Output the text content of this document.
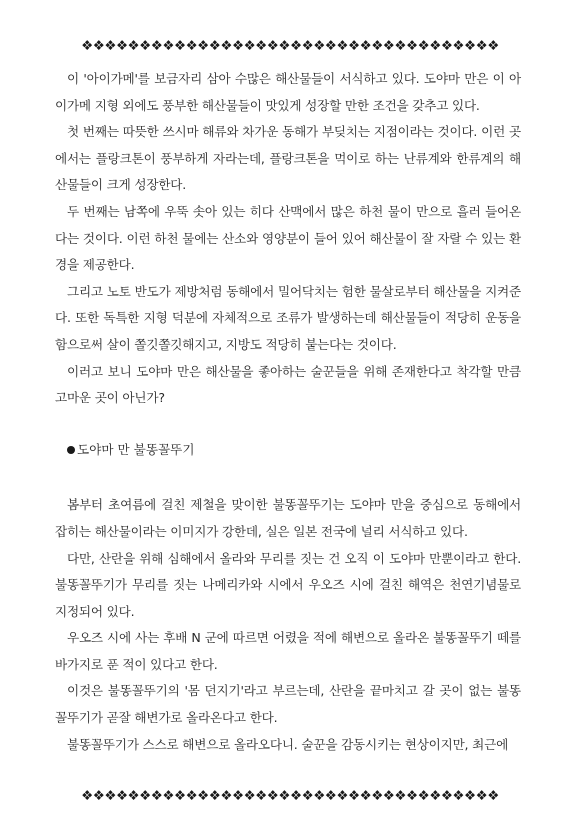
❖❖❖❖❖❖❖❖❖❖❖❖❖❖❖❖❖❖❖❖❖❖❖❖❖❖❖❖❖❖❖❖❖❖❖❖

이 '아이가메'를 보금자리 삼아 수많은 해산물들이 서식하고 있다. 도야마 만은 이 아이가메 지형 외에도 풍부한 해산물들이 맛있게 성장할 만한 조건을 갖추고 있다.

첫 번째는 따뜻한 쓰시마 해류와 차가운 동해가 부딪치는 지점이라는 것이다. 이런 곳에서는 플랑크톤이 풍부하게 자라는데, 플랑크톤을 먹이로 하는 난류계와 한류계의 해산물들이 크게 성장한다.

두 번째는 남쪽에 우뚝 솟아 있는 히다 산맥에서 많은 하천 물이 만으로 흘러 들어온다는 것이다. 이런 하천 물에는 산소와 영양분이 들어 있어 해산물이 잘 자랄 수 있는 환경을 제공한다.

그리고 노토 반도가 제방처럼 동해에서 밀어닥치는 험한 물살로부터 해산물을 지켜준다. 또한 독특한 지형 덕분에 자체적으로 조류가 발생하는데 해산물들이 적당히 운동을 함으로써 살이 쫄깃쫄깃해지고, 지방도 적당히 붙는다는 것이다.

이러고 보니 도야마 만은 해산물을 좋아하는 술꾼들을 위해 존재한다고 착각할 만큼 고마운 곳이 아닌가?

도야마 만 불똥꼴뚜기

봄부터 초여름에 걸친 제철을 맞이한 불똥꼴뚜기는 도야마 만을 중심으로 동해에서 잡히는 해산물이라는 이미지가 강한데, 실은 일본 전국에 널리 서식하고 있다.

다만, 산란을 위해 심해에서 올라와 무리를 짓는 건 오직 이 도야마 만뿐이라고 한다. 불똥꼴뚜기가 무리를 짓는 나메리카와 시에서 우오즈 시에 걸친 해역은 천연기념물로 지정되어 있다.

우오즈 시에 사는 후배 N 군에 따르면 어렸을 적에 해변으로 올라온 불똥꼴뚜기 떼를 바가지로 푼 적이 있다고 한다.

이것은 불똥꼴뚜기의 '몸 던지기'라고 부르는데, 산란을 끝마치고 갈 곳이 없는 불똥꼴뚜기가 곧잘 해변가로 올라온다고 한다.

불똥꼴뚜기가 스스로 해변으로 올라오다니. 술꾼을 감동시키는 현상이지만, 최근에

❖❖❖❖❖❖❖❖❖❖❖❖❖❖❖❖❖❖❖❖❖❖❖❖❖❖❖❖❖❖❖❖❖❖❖❖
